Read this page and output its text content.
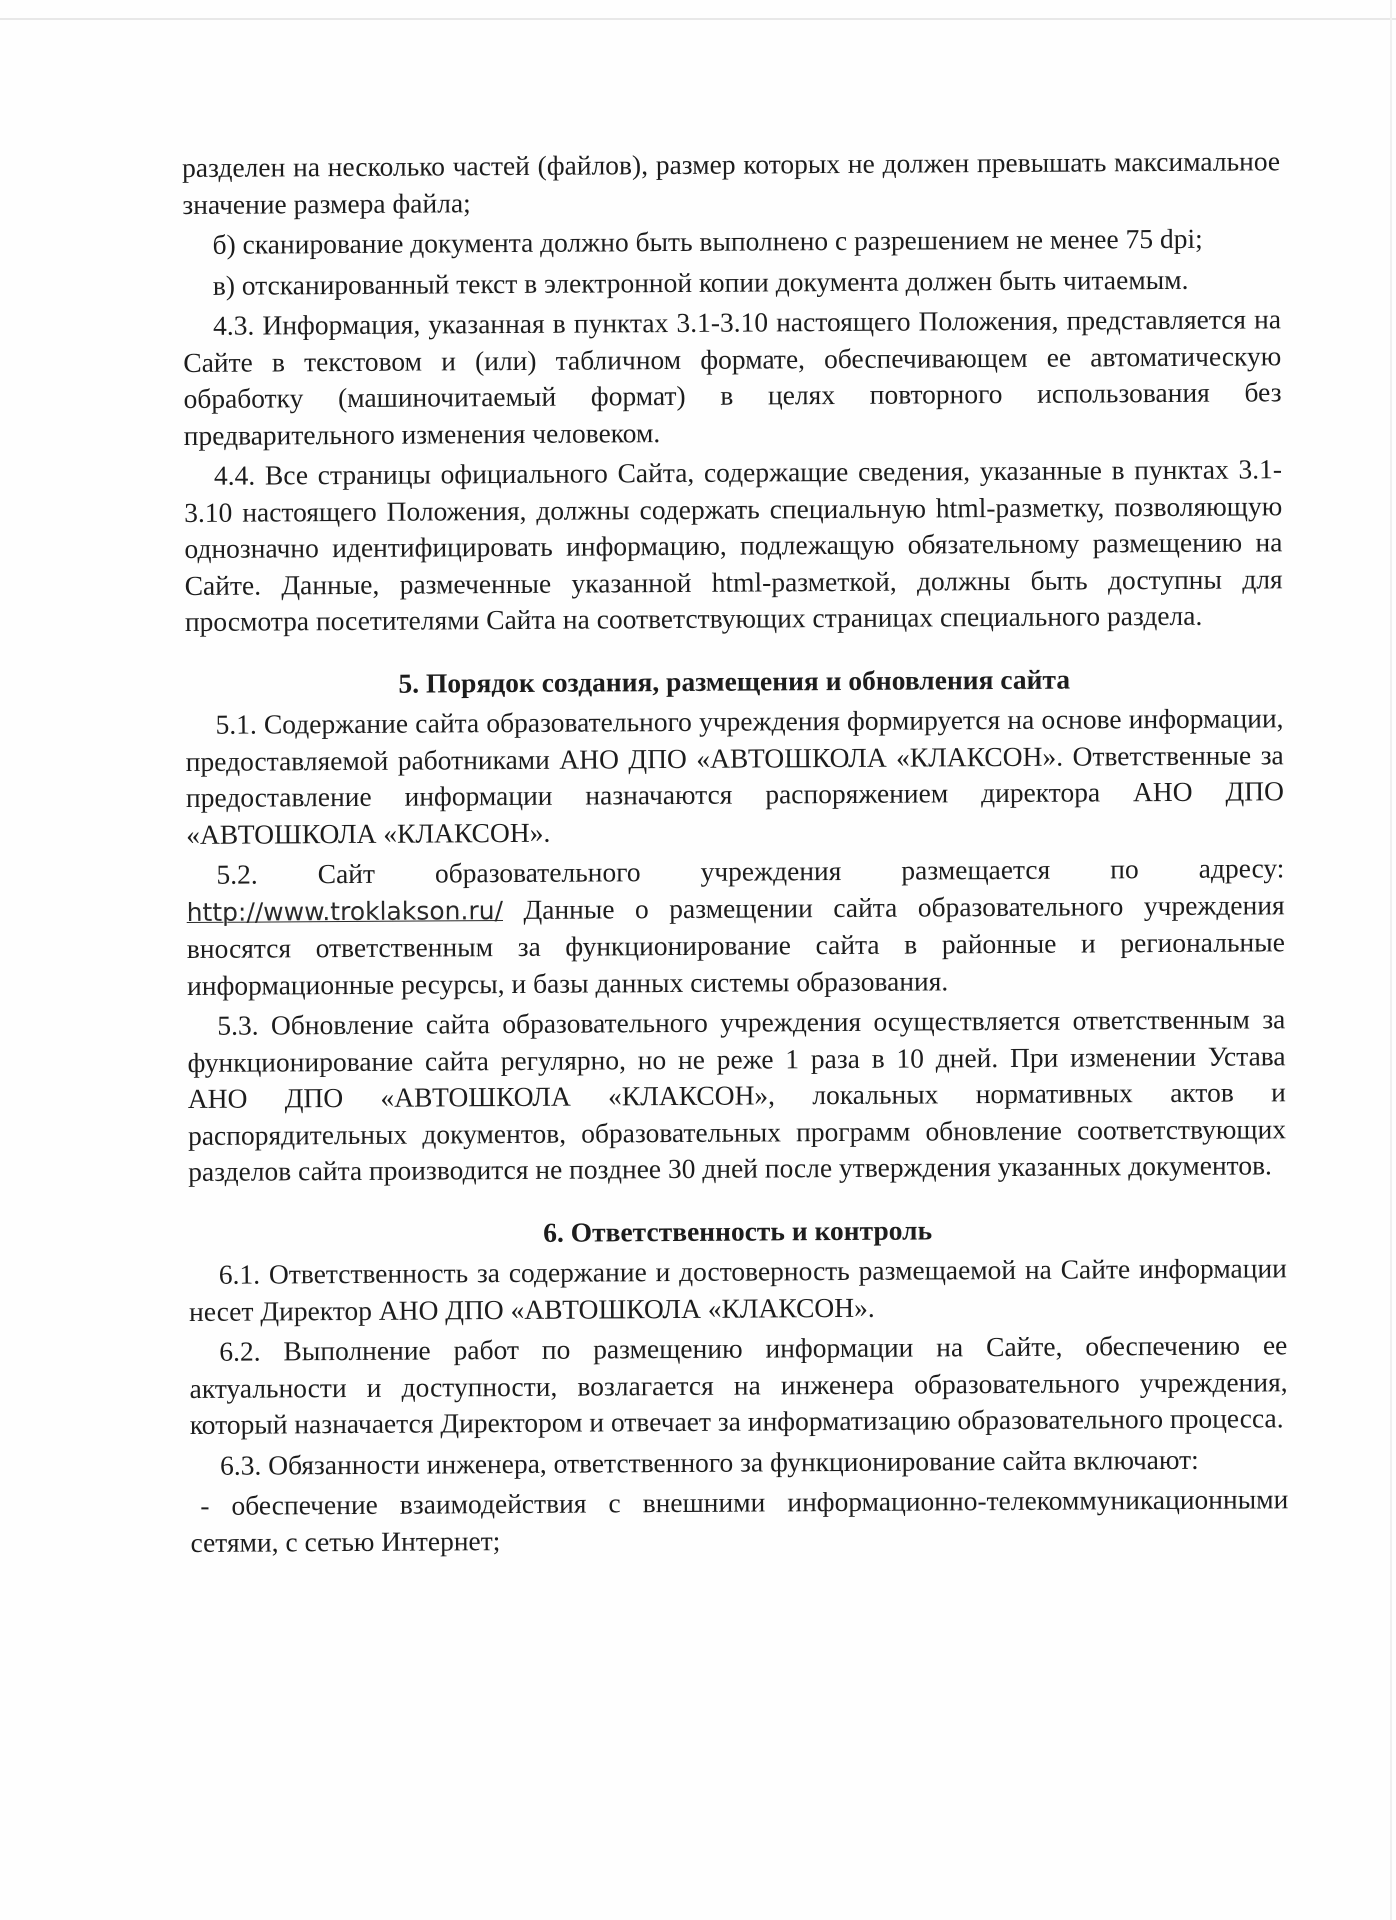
разделен на несколько частей (файлов), размер которых не должен превышать максимальное значение размера файла;

б) сканирование документа должно быть выполнено с разрешением не менее 75 dpi;

в) отсканированный текст в электронной копии документа должен быть читаемым.

4.3. Информация, указанная в пунктах 3.1-3.10 настоящего Положения, представляется на Сайте в текстовом и (или) табличном формате, обеспечивающем ее автоматическую обработку (машиночитаемый формат) в целях повторного использования без предварительного изменения человеком.

4.4. Все страницы официального Сайта, содержащие сведения, указанные в пунктах 3.1- 3.10 настоящего Положения, должны содержать специальную html-разметку, позволяющую однозначно идентифицировать информацию, подлежащую обязательному размещению на Сайте. Данные, размеченные указанной html-разметкой, должны быть доступны для просмотра посетителями Сайта на соответствующих страницах специального раздела.

5. Порядок создания, размещения и обновления сайта

5.1. Содержание сайта образовательного учреждения формируется на основе информации, предоставляемой работниками АНО ДПО «АВТОШКОЛА «КЛАКСОН». Ответственные за предоставление информации назначаются распоряжением директора АНО ДПО «АВТОШКОЛА «КЛАКСОН».

5.2. Сайт образовательного учреждения размещается по адресу: http://www.troklakson.ru/ Данные о размещении сайта образовательного учреждения вносятся ответственным за функционирование сайта в районные и региональные информационные ресурсы, и базы данных системы образования.

5.3. Обновление сайта образовательного учреждения осуществляется ответственным за функционирование сайта регулярно, но не реже 1 раза в 10 дней. При изменении Устава АНО ДПО «АВТОШКОЛА «КЛАКСОН», локальных нормативных актов и распорядительных документов, образовательных программ обновление соответствующих разделов сайта производится не позднее 30 дней после утверждения указанных документов.

6. Ответственность и контроль

6.1. Ответственность за содержание и достоверность размещаемой на Сайте информации несет Директор АНО ДПО «АВТОШКОЛА «КЛАКСОН».

6.2. Выполнение работ по размещению информации на Сайте, обеспечению ее актуальности и доступности, возлагается на инженера образовательного учреждения, который назначается Директором и отвечает за информатизацию образовательного процесса.

6.3. Обязанности инженера, ответственного за функционирование сайта включают:

- обеспечение взаимодействия с внешними информационно-телекоммуникационными сетями, с сетью Интернет;
